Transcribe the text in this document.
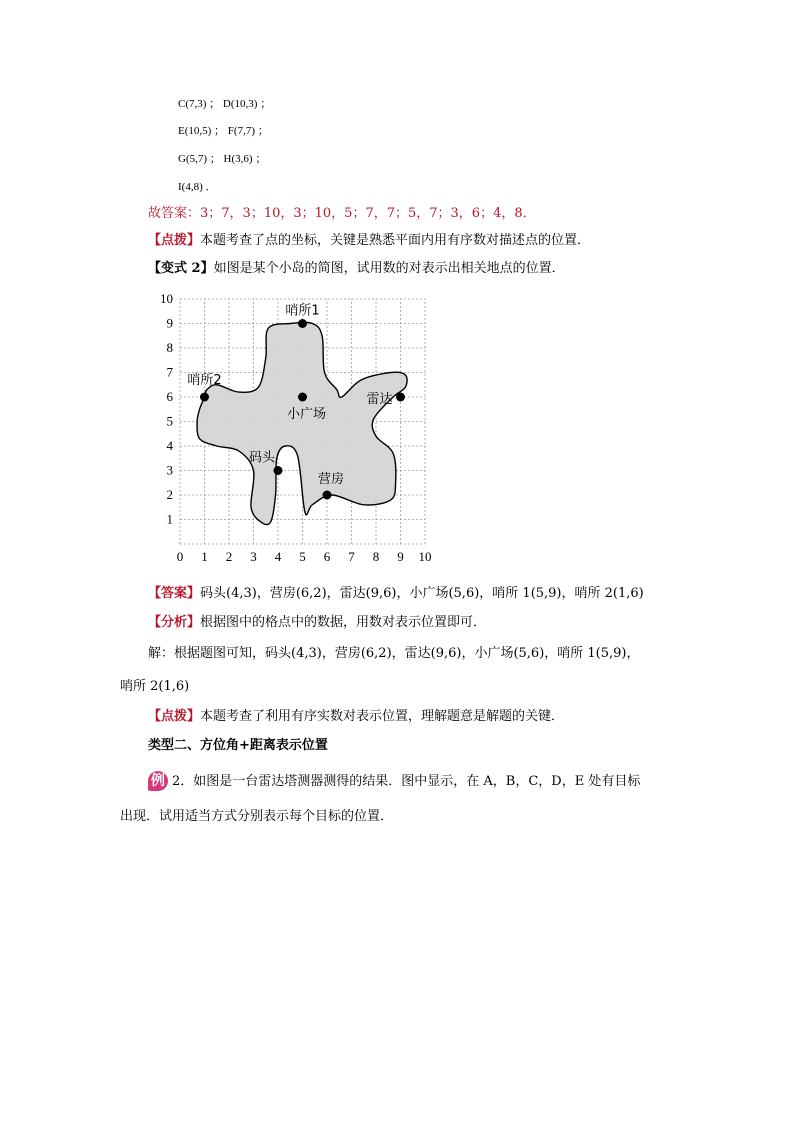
C(7,3) ； D(10,3) ；
E(10,5) ； F(7,7) ；
G(5,7) ； H(3,6) ；
I(4,8) ．
故答案：3；7，3；10，3；10，5；7，7；5，7；3，6；4，8．
【点拨】本题考查了点的坐标，关键是熟悉平面内用有序数对描述点的位置．
【变式 2】如图是某个小岛的简图，试用数的对表示出相关地点的位置．
0 1 2 3 4 5 6 7 8 9 10
1
2
3
4
5
6
7
8
9
10
哨所1
哨所2
小广场
雷达
码头
营房
【答案】码头(4,3)，营房(6,2)，雷达(9,6)，小广场(5,6)，哨所 1(5,9)，哨所 2(1,6)
【分析】根据图中的格点中的数据，用数对表示位置即可．
解：根据题图可知，码头(4,3)，营房(6,2)，雷达(9,6)，小广场(5,6)，哨所 1(5,9)，
哨所 2(1,6)
【点拨】本题考查了利用有序实数对表示位置，理解题意是解题的关键．
类型二、方位角+距离表示位置
例 2．如图是一台雷达塔测器测得的结果．图中显示，在 A，B，C，D，E 处有目标
出现．试用适当方式分别表示每个目标的位置．
